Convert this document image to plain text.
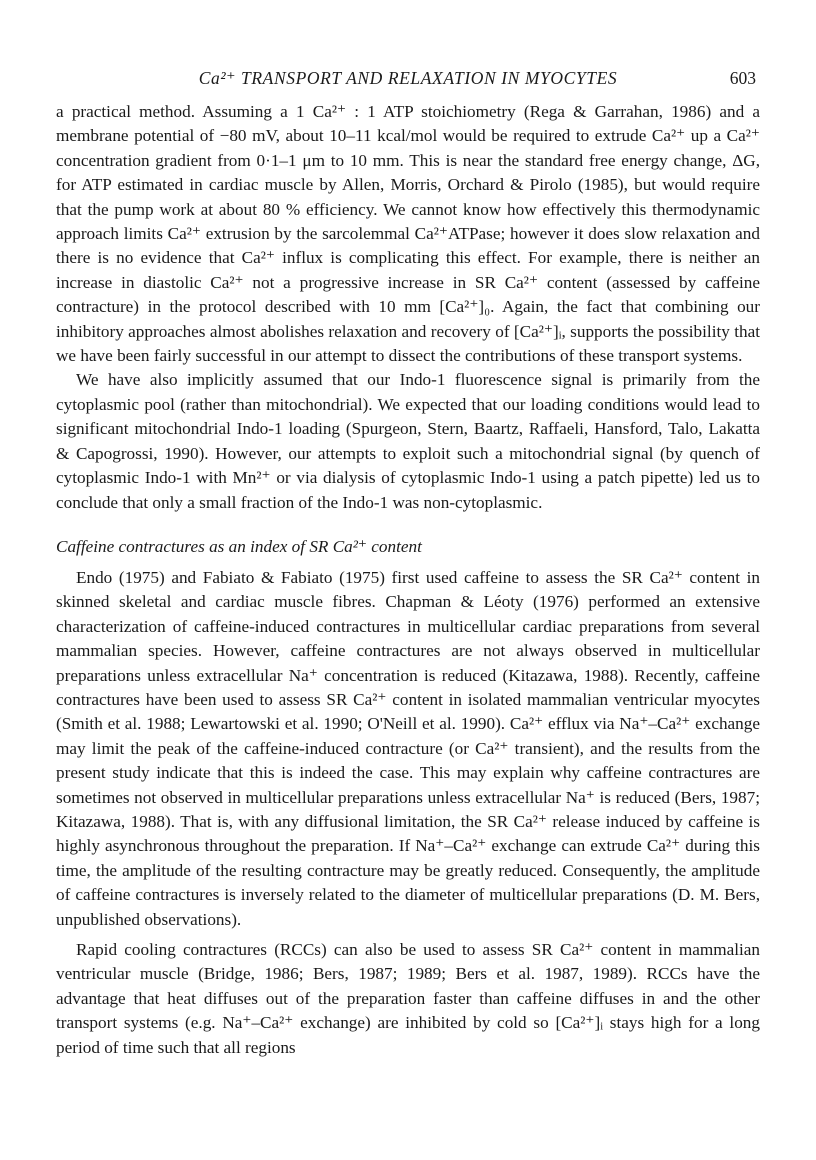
Ca²⁺ TRANSPORT AND RELAXATION IN MYOCYTES	603

a practical method. Assuming a 1 Ca²⁺ : 1 ATP stoichiometry (Rega & Garrahan, 1986) and a membrane potential of −80 mV, about 10–11 kcal/mol would be required to extrude Ca²⁺ up a Ca²⁺ concentration gradient from 0·1–1 μm to 10 mm. This is near the standard free energy change, ΔG, for ATP estimated in cardiac muscle by Allen, Morris, Orchard & Pirolo (1985), but would require that the pump work at about 80 % efficiency. We cannot know how effectively this thermodynamic approach limits Ca²⁺ extrusion by the sarcolemmal Ca²⁺ATPase; however it does slow relaxation and there is no evidence that Ca²⁺ influx is complicating this effect. For example, there is neither an increase in diastolic Ca²⁺ not a progressive increase in SR Ca²⁺ content (assessed by caffeine contracture) in the protocol described with 10 mm [Ca²⁺]₀. Again, the fact that combining our inhibitory approaches almost abolishes relaxation and recovery of [Ca²⁺]ᵢ, supports the possibility that we have been fairly successful in our attempt to dissect the contributions of these transport systems.

We have also implicitly assumed that our Indo-1 fluorescence signal is primarily from the cytoplasmic pool (rather than mitochondrial). We expected that our loading conditions would lead to significant mitochondrial Indo-1 loading (Spurgeon, Stern, Baartz, Raffaeli, Hansford, Talo, Lakatta & Capogrossi, 1990). However, our attempts to exploit such a mitochondrial signal (by quench of cytoplasmic Indo-1 with Mn²⁺ or via dialysis of cytoplasmic Indo-1 using a patch pipette) led us to conclude that only a small fraction of the Indo-1 was non-cytoplasmic.

Caffeine contractures as an index of SR Ca²⁺ content

Endo (1975) and Fabiato & Fabiato (1975) first used caffeine to assess the SR Ca²⁺ content in skinned skeletal and cardiac muscle fibres. Chapman & Léoty (1976) performed an extensive characterization of caffeine-induced contractures in multicellular cardiac preparations from several mammalian species. However, caffeine contractures are not always observed in multicellular preparations unless extracellular Na⁺ concentration is reduced (Kitazawa, 1988). Recently, caffeine contractures have been used to assess SR Ca²⁺ content in isolated mammalian ventricular myocytes (Smith et al. 1988; Lewartowski et al. 1990; O'Neill et al. 1990). Ca²⁺ efflux via Na⁺–Ca²⁺ exchange may limit the peak of the caffeine-induced contracture (or Ca²⁺ transient), and the results from the present study indicate that this is indeed the case. This may explain why caffeine contractures are sometimes not observed in multicellular preparations unless extracellular Na⁺ is reduced (Bers, 1987; Kitazawa, 1988). That is, with any diffusional limitation, the SR Ca²⁺ release induced by caffeine is highly asynchronous throughout the preparation. If Na⁺–Ca²⁺ exchange can extrude Ca²⁺ during this time, the amplitude of the resulting contracture may be greatly reduced. Consequently, the amplitude of caffeine contractures is inversely related to the diameter of multicellular preparations (D. M. Bers, unpublished observations).

Rapid cooling contractures (RCCs) can also be used to assess SR Ca²⁺ content in mammalian ventricular muscle (Bridge, 1986; Bers, 1987; 1989; Bers et al. 1987, 1989). RCCs have the advantage that heat diffuses out of the preparation faster than caffeine diffuses in and the other transport systems (e.g. Na⁺–Ca²⁺ exchange) are inhibited by cold so [Ca²⁺]ᵢ stays high for a long period of time such that all regions
